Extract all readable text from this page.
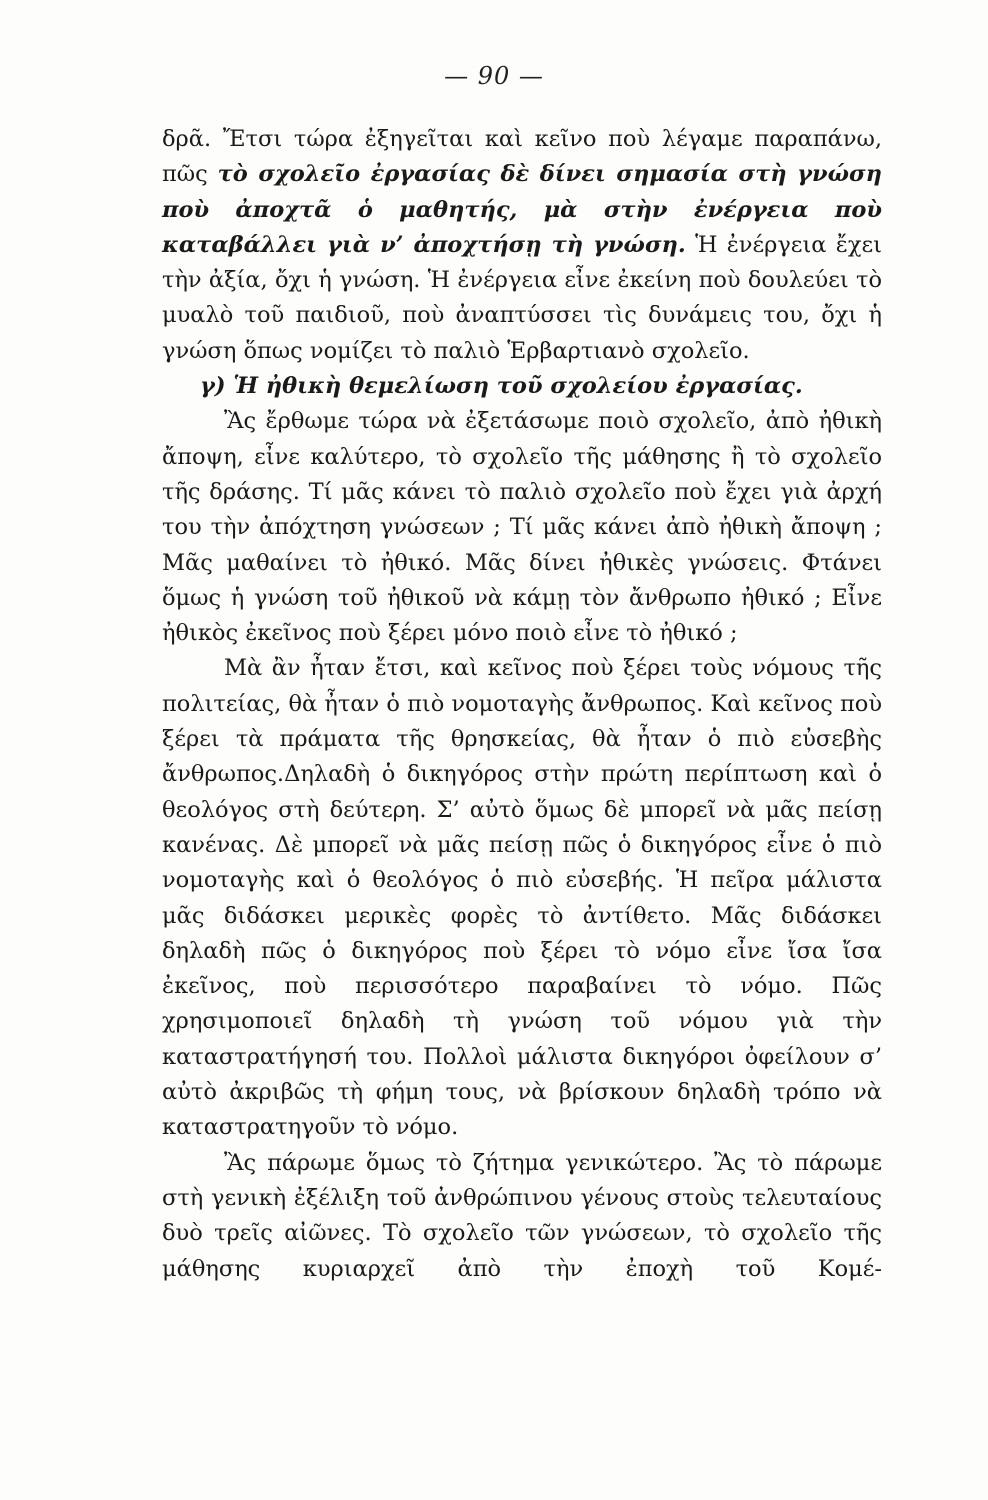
— 90 —

δρᾶ. Ἔτσι τώρα ἐξηγεῖται καὶ κεῖνο ποὺ λέγαμε παραπάνω, πῶς τὸ σχολεῖο ἐργασίας δὲ δίνει σημασία στὴ γνώση ποὺ ἀποχτᾶ ὁ μαθητής, μὰ στὴν ἐνέργεια ποὺ καταβάλλει γιὰ ν’ ἀποχτήσῃ τὴ γνώση. Ἡ ἐνέργεια ἔχει τὴν ἀξία, ὄχι ἡ γνώση. Ἡ ἐνέργεια εἶνε ἐκείνη ποὺ δουλεύει τὸ μυαλὸ τοῦ παιδιοῦ, ποὺ ἀναπτύσσει τὶς δυνάμεις του, ὄχι ἡ γνώση ὅπως νομίζει τὸ παλιὸ Ἑρβαρτιανὸ σχολεῖο.

γ) Ἡ ἠθικὴ θεμελίωση τοῦ σχολείου ἐργασίας.

Ἂς ἔρθωμε τώρα νὰ ἐξετάσωμε ποιὸ σχολεῖο, ἀπὸ ἠθικὴ ἄποψη, εἶνε καλύτερο, τὸ σχολεῖο τῆς μάθησης ἢ τὸ σχολεῖο τῆς δράσης. Τί μᾶς κάνει τὸ παλιὸ σχολεῖο ποὺ ἔχει γιὰ ἀρχή του τὴν ἀπόχτηση γνώσεων ; Τί μᾶς κάνει ἀπὸ ἠθικὴ ἄποψη ; Μᾶς μαθαίνει τὸ ἠθικό. Μᾶς δίνει ἠθικὲς γνώσεις. Φτάνει ὅμως ἡ γνώση τοῦ ἠθικοῦ νὰ κάμῃ τὸν ἄνθρωπο ἠθικό ; Εἶνε ἠθικὸς ἐκεῖνος ποὺ ξέρει μόνο ποιὸ εἶνε τὸ ἠθικό ;

Μὰ ἂν ἦταν ἔτσι, καὶ κεῖνος ποὺ ξέρει τοὺς νόμους τῆς πολιτείας, θὰ ἦταν ὁ πιὸ νομοταγὴς ἄνθρωπος. Καὶ κεῖνος ποὺ ξέρει τὰ πράματα τῆς θρησκείας, θὰ ἦταν ὁ πιὸ εὐσεβὴς ἄνθρωπος.Δηλαδὴ ὁ δικηγόρος στὴν πρώτη περίπτωση καὶ ὁ θεολόγος στὴ δεύτερη. Σ’ αὐτὸ ὅμως δὲ μπορεῖ νὰ μᾶς πείσῃ κανένας. Δὲ μπορεῖ νὰ μᾶς πείσῃ πῶς ὁ δικηγόρος εἶνε ὁ πιὸ νομοταγὴς καὶ ὁ θεολόγος ὁ πιὸ εὐσεβής. Ἡ πεῖρα μάλιστα μᾶς διδάσκει μερικὲς φορὲς τὸ ἀντίθετο. Μᾶς διδάσκει δηλαδὴ πῶς ὁ δικηγόρος ποὺ ξέρει τὸ νόμο εἶνε ἴσα ἴσα ἐκεῖνος, ποὺ περισσότερο παραβαίνει τὸ νόμο. Πῶς χρησιμοποιεῖ δηλαδὴ τὴ γνώση τοῦ νόμου γιὰ τὴν καταστρατήγησή του. Πολλοὶ μάλιστα δικηγόροι ὀφείλουν σ’ αὐτὸ ἀκριβῶς τὴ φήμη τους, νὰ βρίσκουν δηλαδὴ τρόπο νὰ καταστρατηγοῦν τὸ νόμο.

Ἂς πάρωμε ὅμως τὸ ζήτημα γενικώτερο. Ἂς τὸ πάρωμε στὴ γενικὴ ἐξέλιξη τοῦ ἀνθρώπινου γένους στοὺς τελευταίους δυὸ τρεῖς αἰῶνες. Τὸ σχολεῖο τῶν γνώσεων, τὸ σχολεῖο τῆς μάθησης κυριαρχεῖ ἀπὸ τὴν ἐποχὴ τοῦ Κομέ-
